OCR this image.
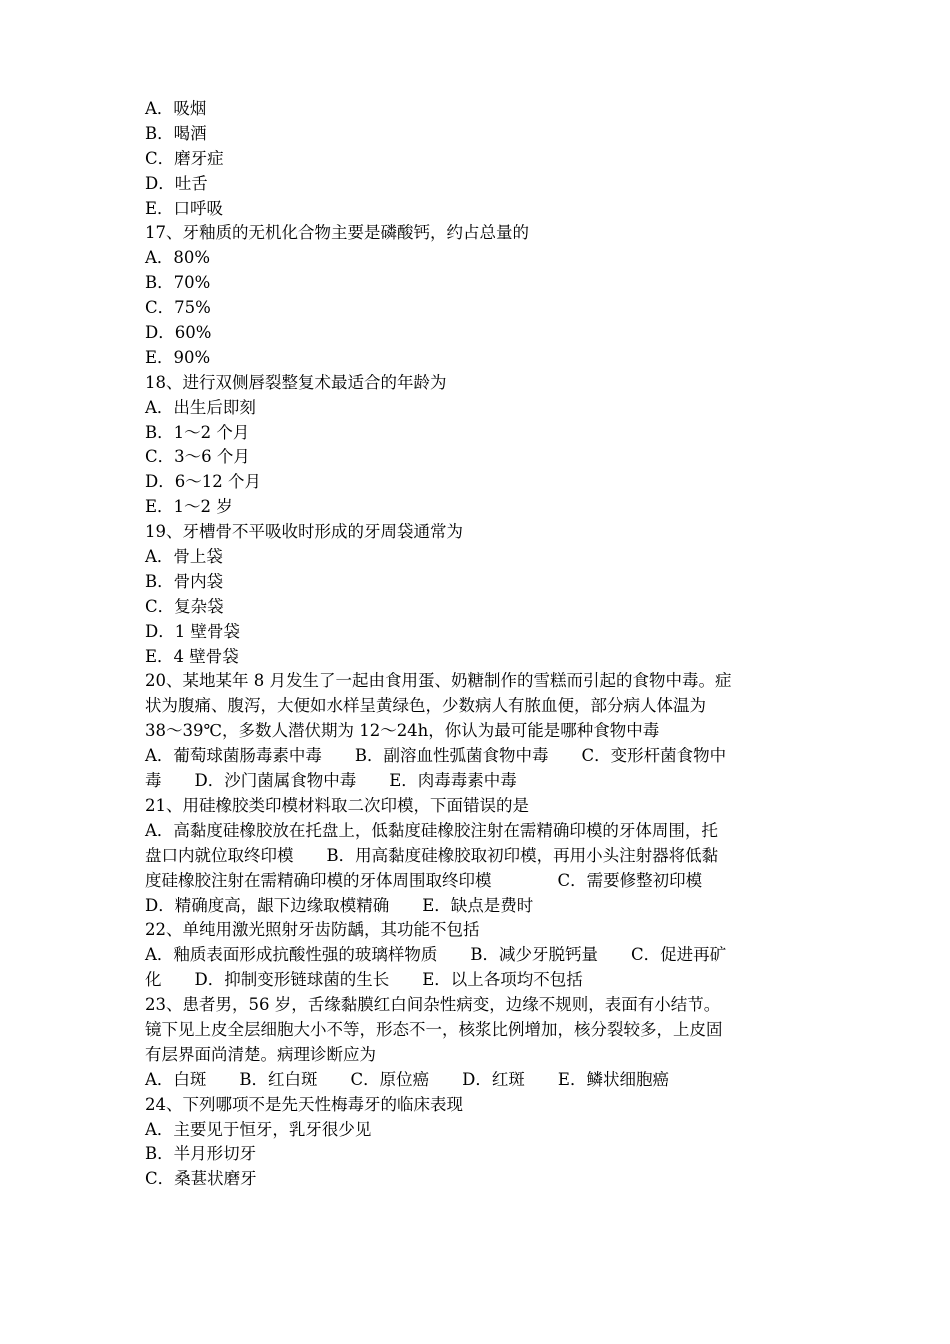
A．吸烟
B．喝酒
C．磨牙症
D．吐舌
E．口呼吸
17、牙釉质的无机化合物主要是磷酸钙，约占总量的
A．80%
B．70%
C．75%
D．60%
E．90%
18、进行双侧唇裂整复术最适合的年龄为
A．出生后即刻
B．1～2 个月
C．3～6 个月
D．6～12 个月
E．1～2 岁
19、牙槽骨不平吸收时形成的牙周袋通常为
A．骨上袋
B．骨内袋
C．复杂袋
D．1 壁骨袋
E．4 壁骨袋
20、某地某年 8 月发生了一起由食用蛋、奶糖制作的雪糕而引起的食物中毒。症
状为腹痛、腹泻，大便如水样呈黄绿色，少数病人有脓血便，部分病人体温为
38～39℃，多数人潜伏期为 12～24h，你认为最可能是哪种食物中毒
A．葡萄球菌肠毒素中毒　　B．副溶血性弧菌食物中毒　　C．变形杆菌食物中
毒　　D．沙门菌属食物中毒　　E．肉毒毒素中毒
21、用硅橡胶类印模材料取二次印模，下面错误的是
A．高黏度硅橡胶放在托盘上，低黏度硅橡胶注射在需精确印模的牙体周围，托
盘口内就位取终印模　　B．用高黏度硅橡胶取初印模，再用小头注射器将低黏
度硅橡胶注射在需精确印模的牙体周围取终印模　　　　C．需要修整初印模
D．精确度高，龈下边缘取模精确　　E．缺点是费时
22、单纯用激光照射牙齿防龋，其功能不包括
A．釉质表面形成抗酸性强的玻璃样物质　　B．减少牙脱钙量　　C．促进再矿
化　　D．抑制变形链球菌的生长　　E．以上各项均不包括
23、患者男，56 岁，舌缘黏膜红白间杂性病变，边缘不规则，表面有小结节。
镜下见上皮全层细胞大小不等，形态不一，核浆比例增加，核分裂较多，上皮固
有层界面尚清楚。病理诊断应为
A．白斑　　B．红白斑　　C．原位癌　　D．红斑　　E．鳞状细胞癌
24、下列哪项不是先天性梅毒牙的临床表现
A．主要见于恒牙，乳牙很少见
B．半月形切牙
C．桑葚状磨牙
